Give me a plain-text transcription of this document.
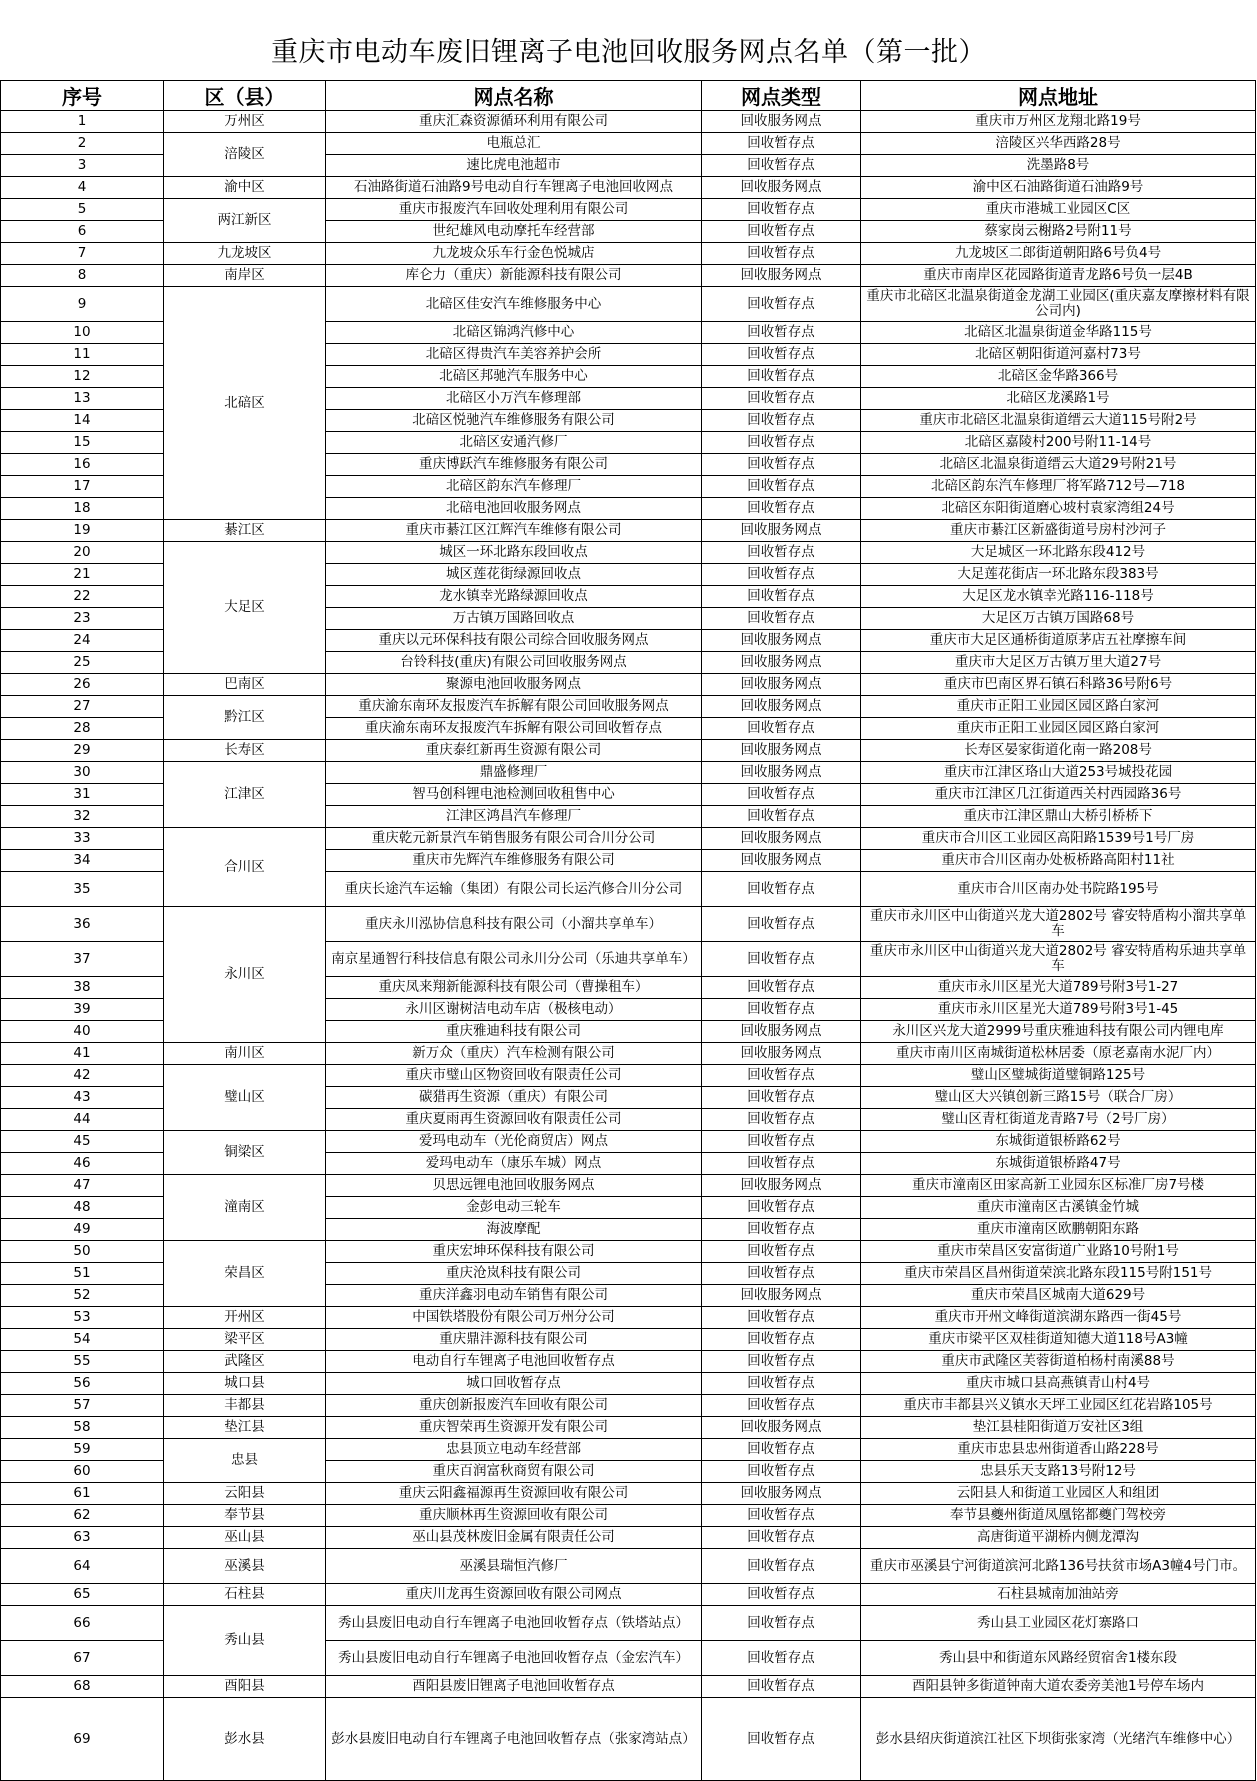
重庆市电动车废旧锂离子电池回收服务网点名单（第一批）
序号	区（县）	网点名称	网点类型	网点地址
1	万州区	重庆汇森资源循环利用有限公司	回收服务网点	重庆市万州区龙翔北路19号
2	涪陵区	电瓶总汇	回收暂存点	涪陵区兴华西路28号
3		速比虎电池超市	回收暂存点	洗墨路8号
4	渝中区	石油路街道石油路9号电动自行车锂离子电池回收网点	回收服务网点	渝中区石油路街道石油路9号
5	两江新区	重庆市报废汽车回收处理利用有限公司	回收暂存点	重庆市港城工业园区C区
6		世纪雄风电动摩托车经营部	回收暂存点	蔡家岗云榭路2号附11号
7	九龙坡区	九龙坡众乐车行金色悦城店	回收暂存点	九龙坡区二郎街道朝阳路6号负4号
8	南岸区	库仑力（重庆）新能源科技有限公司	回收服务网点	重庆市南岸区花园路街道青龙路6号负一层4B
9	北碚区	北碚区佳安汽车维修服务中心	回收暂存点	重庆市北碚区北温泉街道金龙湖工业园区(重庆嘉友摩擦材料有限公司内)
10		北碚区锦鸿汽修中心	回收暂存点	北碚区北温泉街道金华路115号
11		北碚区得贵汽车美容养护会所	回收暂存点	北碚区朝阳街道河嘉村73号
12		北碚区邦驰汽车服务中心	回收暂存点	北碚区金华路366号
13		北碚区小万汽车修理部	回收暂存点	北碚区龙溪路1号
14		北碚区悦驰汽车维修服务有限公司	回收暂存点	重庆市北碚区北温泉街道缙云大道115号附2号
15		北碚区安通汽修厂	回收暂存点	北碚区嘉陵村200号附11-14号
16		重庆博跃汽车维修服务有限公司	回收暂存点	北碚区北温泉街道缙云大道29号附21号
17		北碚区韵东汽车修理厂	回收暂存点	北碚区韵东汽车修理厂将军路712号—718
18		北碚电池回收服务网点	回收暂存点	北碚区东阳街道磨心坡村袁家湾组24号
19	綦江区	重庆市綦江区江辉汽车维修有限公司	回收服务网点	重庆市綦江区新盛街道号房村沙河子
20	大足区	城区一环北路东段回收点	回收暂存点	大足城区一环北路东段412号
21		城区莲花街绿源回收点	回收暂存点	大足莲花街店一环北路东段383号
22		龙水镇幸光路绿源回收点	回收暂存点	大足区龙水镇幸光路116-118号
23		万古镇万国路回收点	回收暂存点	大足区万古镇万国路68号
24		重庆以元环保科技有限公司综合回收服务网点	回收服务网点	重庆市大足区通桥街道原茅店五社摩擦车间
25		台铃科技(重庆)有限公司回收服务网点	回收服务网点	重庆市大足区万古镇万里大道27号
26	巴南区	聚源电池回收服务网点	回收服务网点	重庆市巴南区界石镇石科路36号附6号
27	黔江区	重庆渝东南环友报废汽车拆解有限公司回收服务网点	回收服务网点	重庆市正阳工业园区园区路白家河
28		重庆渝东南环友报废汽车拆解有限公司回收暂存点	回收暂存点	重庆市正阳工业园区园区路白家河
29	长寿区	重庆泰红新再生资源有限公司	回收服务网点	长寿区晏家街道化南一路208号
30	江津区	鼎盛修理厂	回收服务网点	重庆市江津区珞山大道253号城投花园
31		智马创科锂电池检测回收租售中心	回收暂存点	重庆市江津区几江街道西关村西园路36号
32		江津区鸿昌汽车修理厂	回收暂存点	重庆市江津区鼎山大桥引桥桥下
33	合川区	重庆乾元新景汽车销售服务有限公司合川分公司	回收服务网点	重庆市合川区工业园区高阳路1539号1号厂房
34		重庆市先辉汽车维修服务有限公司	回收服务网点	重庆市合川区南办处板桥路高阳村11社
35		重庆长途汽车运输（集团）有限公司长运汽修合川分公司	回收暂存点	重庆市合川区南办处书院路195号
36	永川区	重庆永川泓协信息科技有限公司（小溜共享单车）	回收暂存点	重庆市永川区中山街道兴龙大道2802号 睿安特盾构小溜共享单车
37		南京星通智行科技信息有限公司永川分公司（乐迪共享单车）	回收暂存点	重庆市永川区中山街道兴龙大道2802号 睿安特盾构乐迪共享单车
38		重庆凤来翔新能源科技有限公司（曹操租车）	回收暂存点	重庆市永川区星光大道789号附3号1-27
39		永川区谢树洁电动车店（极核电动）	回收暂存点	重庆市永川区星光大道789号附3号1-45
40		重庆雅迪科技有限公司	回收服务网点	永川区兴龙大道2999号重庆雅迪科技有限公司内锂电库
41	南川区	新万众（重庆）汽车检测有限公司	回收服务网点	重庆市南川区南城街道松林居委（原老嘉南水泥厂内）
42	璧山区	重庆市璧山区物资回收有限责任公司	回收暂存点	璧山区璧城街道璧铜路125号
43		碳猎再生资源（重庆）有限公司	回收暂存点	璧山区大兴镇创新三路15号（联合厂房）
44		重庆夏雨再生资源回收有限责任公司	回收暂存点	璧山区青杠街道龙青路7号（2号厂房）
45	铜梁区	爱玛电动车（光伦商贸店）网点	回收暂存点	东城街道银桥路62号
46		爱玛电动车（康乐车城）网点	回收暂存点	东城街道银桥路47号
47	潼南区	贝思远锂电池回收服务网点	回收服务网点	重庆市潼南区田家高新工业园东区标准厂房7号楼
48		金彭电动三轮车	回收暂存点	重庆市潼南区古溪镇金竹城
49		海波摩配	回收暂存点	重庆市潼南区欧鹏朝阳东路
50	荣昌区	重庆宏坤环保科技有限公司	回收暂存点	重庆市荣昌区安富街道广业路10号附1号
51		重庆沧岚科技有限公司	回收暂存点	重庆市荣昌区昌州街道荣滨北路东段115号附151号
52		重庆洋鑫羽电动车销售有限公司	回收服务网点	重庆市荣昌区城南大道629号
53	开州区	中国铁塔股份有限公司万州分公司	回收暂存点	重庆市开州文峰街道滨湖东路西一街45号
54	梁平区	重庆鼎沣源科技有限公司	回收暂存点	重庆市梁平区双桂街道知德大道118号A3幢
55	武隆区	电动自行车锂离子电池回收暂存点	回收暂存点	重庆市武隆区芙蓉街道柏杨村南溪88号
56	城口县	城口回收暂存点	回收暂存点	重庆市城口县高燕镇青山村4号
57	丰都县	重庆创新报废汽车回收有限公司	回收暂存点	重庆市丰都县兴义镇水天坪工业园区红花岩路105号
58	垫江县	重庆智荣再生资源开发有限公司	回收服务网点	垫江县桂阳街道万安社区3组
59	忠县	忠县顶立电动车经营部	回收暂存点	重庆市忠县忠州街道香山路228号
60		重庆百润富秋商贸有限公司	回收暂存点	忠县乐天支路13号附12号
61	云阳县	重庆云阳鑫福源再生资源回收有限公司	回收服务网点	云阳县人和街道工业园区人和组团
62	奉节县	重庆顺林再生资源回收有限公司	回收暂存点	奉节县夔州街道凤凰铭都夔门驾校旁
63	巫山县	巫山县茂林废旧金属有限责任公司	回收暂存点	高唐街道平湖桥内侧龙潭沟
64	巫溪县	巫溪县瑞恒汽修厂	回收暂存点	重庆市巫溪县宁河街道滨河北路136号扶贫市场A3幢4号门市。
65	石柱县	重庆川龙再生资源回收有限公司网点	回收暂存点	石柱县城南加油站旁
66	秀山县	秀山县废旧电动自行车锂离子电池回收暂存点（铁塔站点）	回收暂存点	秀山县工业园区花灯寨路口
67		秀山县废旧电动自行车锂离子电池回收暂存点（金宏汽车）	回收暂存点	秀山县中和街道东风路经贸宿舍1楼东段
68	酉阳县	酉阳县废旧锂离子电池回收暂存点	回收暂存点	酉阳县钟多街道钟南大道农委旁美池1号停车场内
69	彭水县	彭水县废旧电动自行车锂离子电池回收暂存点（张家湾站点）	回收暂存点	彭水县绍庆街道滨江社区下坝街张家湾（光绪汽车维修中心）
